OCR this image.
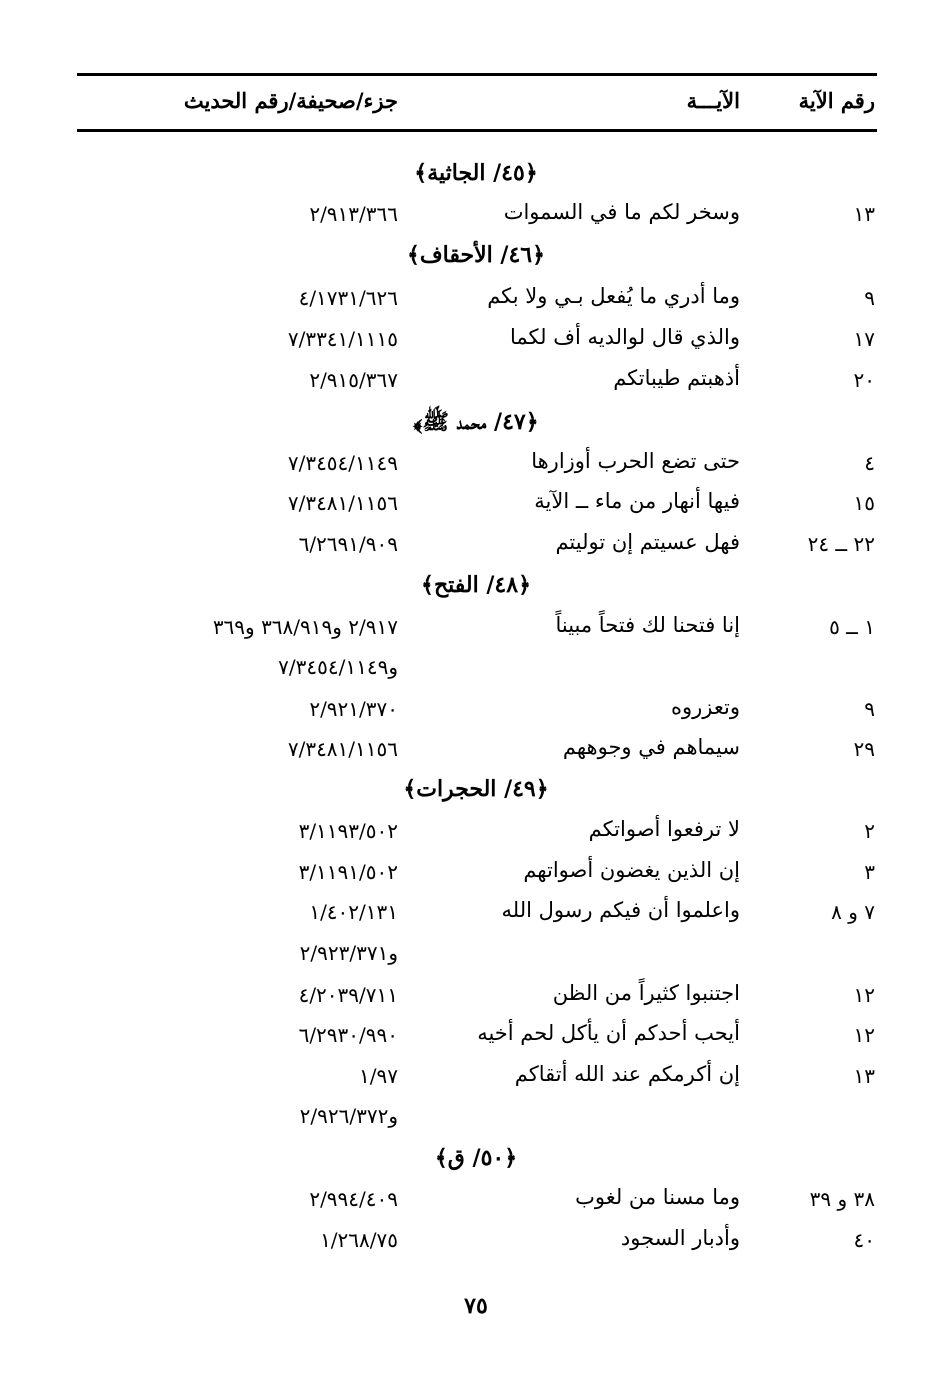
رقم الآية
الآيـــة
جزء/صحيفة/رقم الحديث
﴿٤٥/ الجاثية﴾
١٣
وسخر لكم ما في السموات
٢/٩١٣/٣٦٦
﴿٤٦/ الأحقاف﴾
٩
وما أدري ما يُفعل بـي ولا بكم
٤/١٧٣١/٦٢٦
١٧
والذي قال لوالديه أف لكما
٧/٣٣٤١/١١١٥
٢٠
أذهبتم طيباتكم
٢/٩١٥/٣٦٧
﴿٤٧/ محمد ﷺ﴾
٤
حتى تضع الحرب أوزارها
٧/٣٤٥٤/١١٤٩
١٥
فيها أنهار من ماء ــ الآية
٧/٣٤٨١/١١٥٦
٢٢ ــ ٢٤
فهل عسيتم إن توليتم
٦/٢٦٩١/٩٠٩
﴿٤٨/ الفتح﴾
١ ــ ٥
إنا فتحنا لك فتحاً مبيناً
٢/٩١٧ و٣٦٨/٩١٩ و٣٦٩
و٧/٣٤٥٤/١١٤٩
٩
وتعزروه
٢/٩٢١/٣٧٠
٢٩
سيماهم في وجوههم
٧/٣٤٨١/١١٥٦
﴿٤٩/ الحجرات﴾
٢
لا ترفعوا أصواتكم
٣/١١٩٣/٥٠٢
٣
إن الذين يغضون أصواتهم
٣/١١٩١/٥٠٢
٧ و ٨
واعلموا أن فيكم رسول الله
١/٤٠٢/١٣١
و٢/٩٢٣/٣٧١
١٢
اجتنبوا كثيراً من الظن
٤/٢٠٣٩/٧١١
١٢
أيحب أحدكم أن يأكل لحم أخيه
٦/٢٩٣٠/٩٩٠
١٣
إن أكرمكم عند الله أتقاكم
١/٩٧
و٢/٩٢٦/٣٧٢
﴿٥٠/ ق﴾
٣٨ و ٣٩
وما مسنا من لغوب
٢/٩٩٤/٤٠٩
٤٠
وأدبار السجود
١/٢٦٨/٧٥
٧٥
